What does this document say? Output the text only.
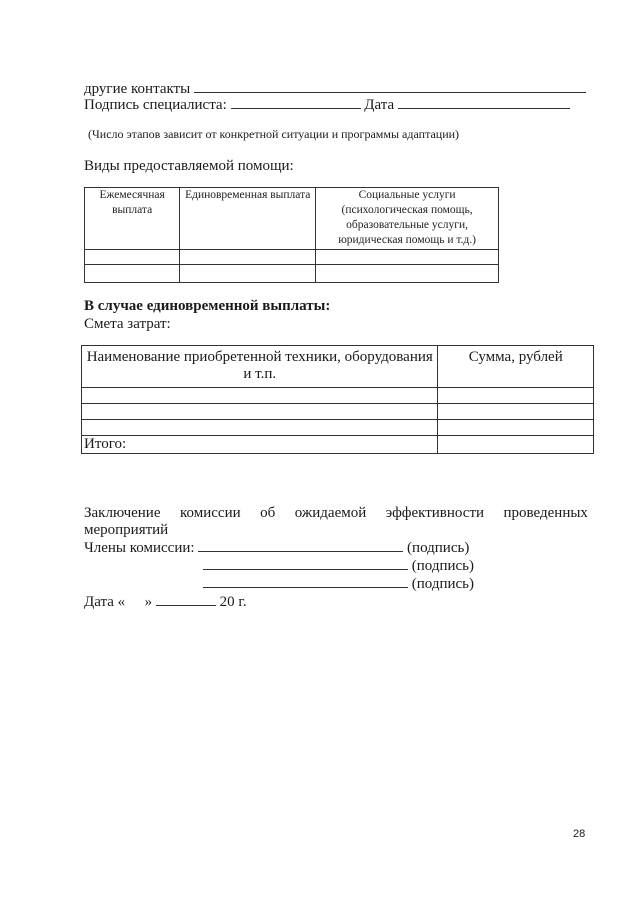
другие контакты
Подпись специалиста:	Дата
(Число этапов зависит от конкретной ситуации и программы адаптации)
Виды предоставляемой помощи:
Ежемесячная выплата	Единовременная выплата	Социальные услуги (психологическая помощь, образовательные услуги, юридическая помощь и т.д.)

В случае единовременной выплаты:
Смета затрат:
Наименование приобретенной техники, оборудования и т.п.	Сумма, рублей

Итого:	
Заключение комиссии об ожидаемой эффективности проведенных
мероприятий
Члены комиссии:	(подпись)
(подпись)
(подпись)
Дата « »	20 г.
28
